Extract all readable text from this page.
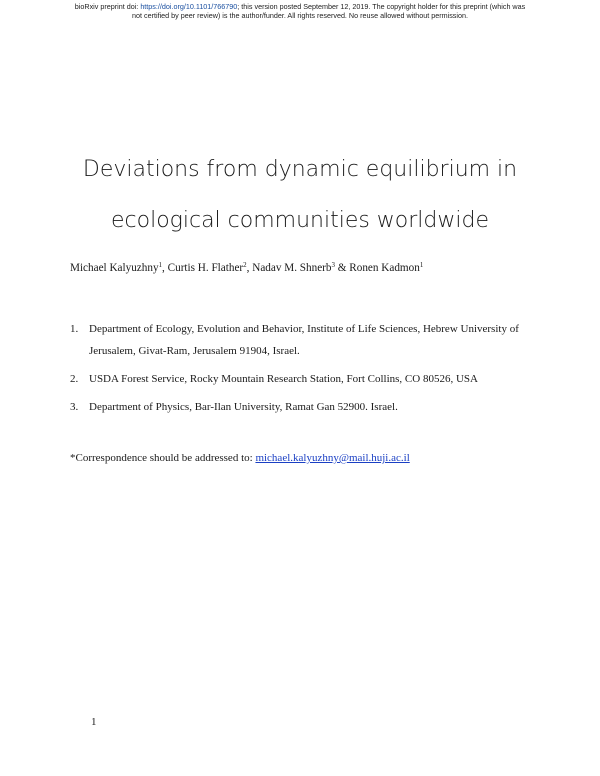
bioRxiv preprint doi: https://doi.org/10.1101/766790; this version posted September 12, 2019. The copyright holder for this preprint (which was
not certified by peer review) is the author/funder. All rights reserved. No reuse allowed without permission.
Deviations from dynamic equilibrium in
ecological communities worldwide
Michael Kalyuzhny$^1$, Curtis H. Flather$^2$, Nadav M. Shnerb$^3$ & Ronen Kadmon$^1$
1. Department of Ecology, Evolution and Behavior, Institute of Life Sciences, Hebrew University of Jerusalem, Givat-Ram, Jerusalem 91904, Israel.
2. USDA Forest Service, Rocky Mountain Research Station, Fort Collins, CO 80526, USA
3. Department of Physics, Bar-Ilan University, Ramat Gan 52900. Israel.
*Correspondence should be addressed to: michael.kalyuzhny@mail.huji.ac.il
1
